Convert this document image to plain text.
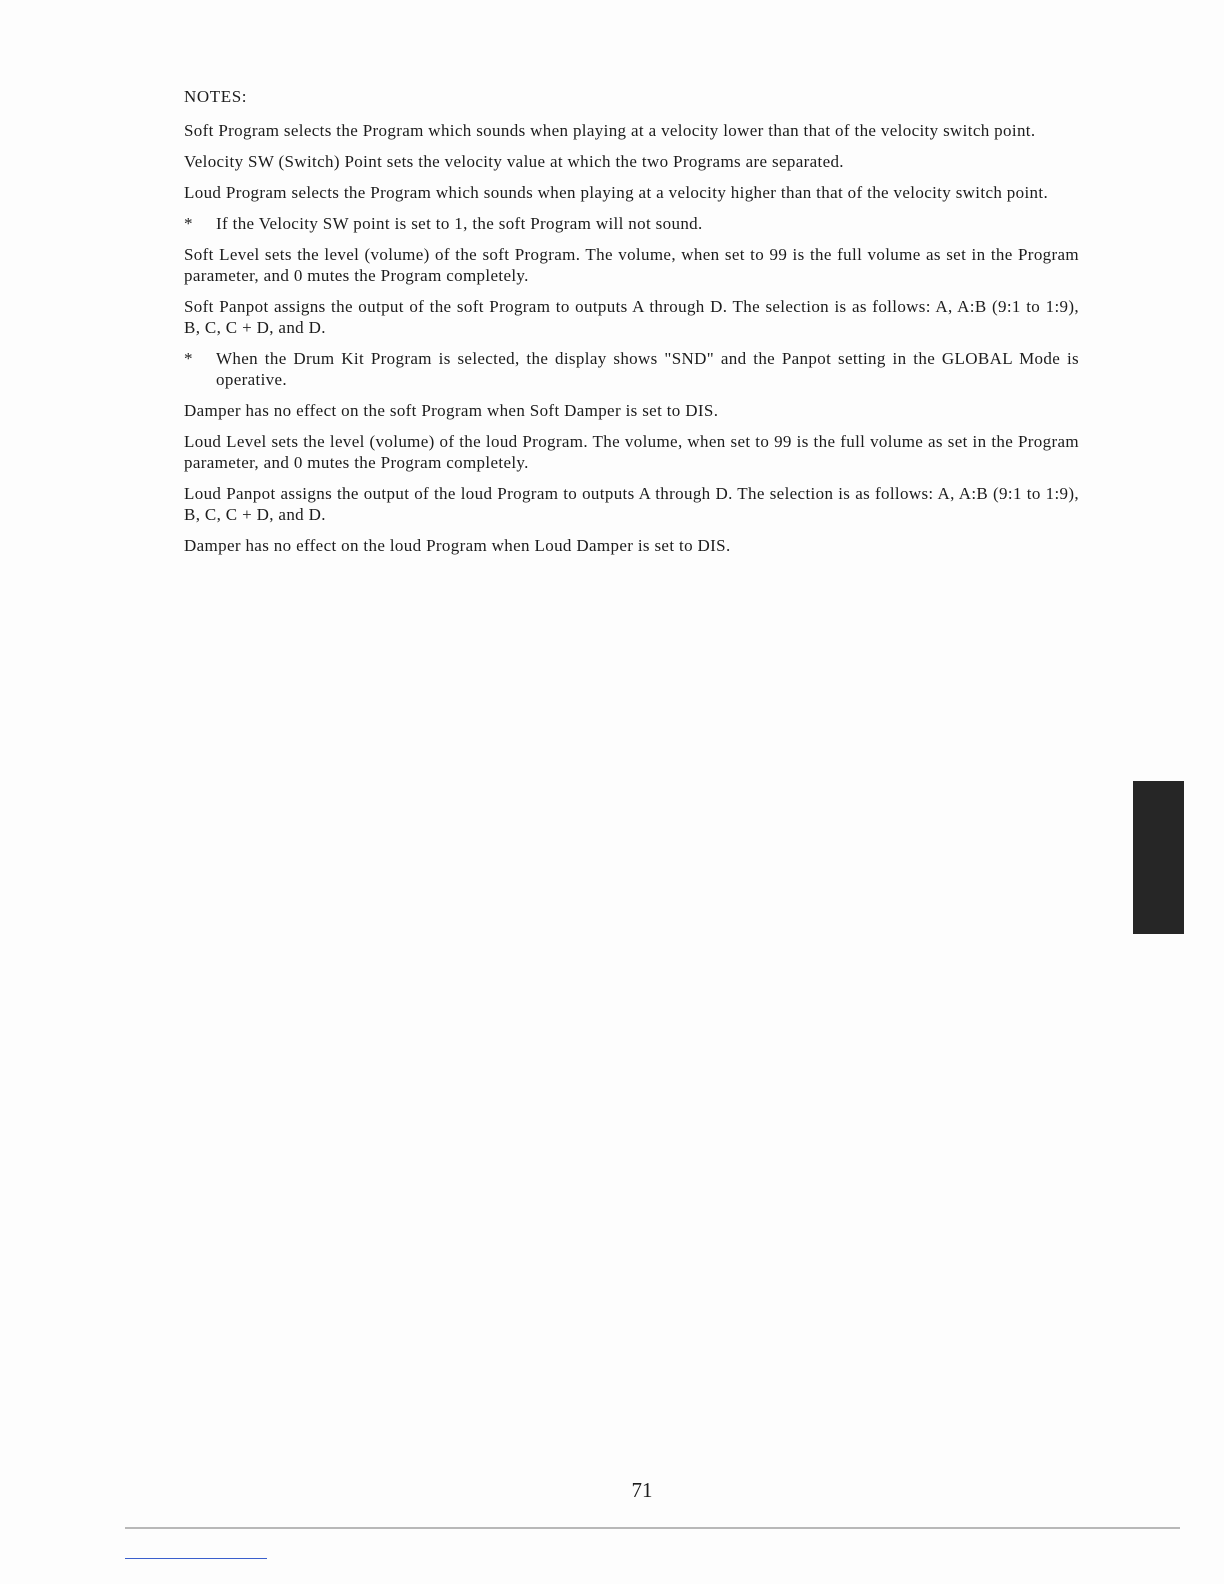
NOTES:

Soft Program selects the Program which sounds when playing at a velocity lower than that of the velocity switch point.

Velocity SW (Switch) Point sets the velocity value at which the two Programs are separated.

Loud Program selects the Program which sounds when playing at a velocity higher than that of the velocity switch point.

*	If the Velocity SW point is set to 1, the soft Program will not sound.

Soft Level sets the level (volume) of the soft Program. The volume, when set to 99 is the full volume as set in the Program parameter, and 0 mutes the Program completely.

Soft Panpot assigns the output of the soft Program to outputs A through D. The selection is as follows: A, A:B (9:1 to 1:9), B, C, C + D, and D.

*	When the Drum Kit Program is selected, the display shows "SND" and the Panpot setting in the GLOBAL Mode is operative.

Damper has no effect on the soft Program when Soft Damper is set to DIS.

Loud Level sets the level (volume) of the loud Program. The volume, when set to 99 is the full volume as set in the Program parameter, and 0 mutes the Program completely.

Loud Panpot assigns the output of the loud Program to outputs A through D. The selection is as follows: A, A:B (9:1 to 1:9), B, C, C + D, and D.

Damper has no effect on the loud Program when Loud Damper is set to DIS.

71
